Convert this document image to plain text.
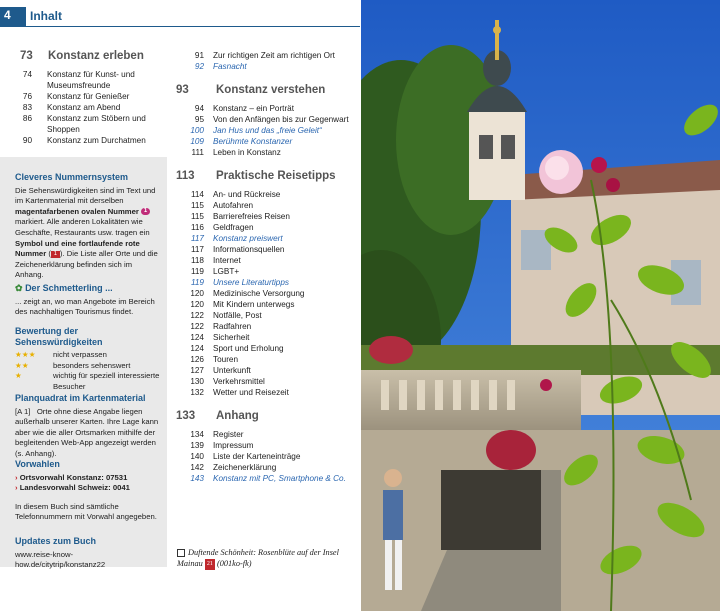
4 Inhalt
73	Konstanz erleben
74	Konstanz für Kunst- und Museumsfreunde
76	Konstanz für Genießer
83	Konstanz am Abend
86	Konstanz zum Stöbern und Shoppen
90	Konstanz zum Durchatmen
Cleveres Nummernsystem
Die Sehenswürdigkeiten sind im Text und im Kartenmaterial mit derselben magentafarbenen ovalen Nummer 1 markiert. Alle anderen Lokalitäten wie Geschäfte, Restaurants usw. tragen ein Symbol und eine fortlaufende rote Nummer ( 1 ). Die Liste aller Orte und die Zeichenerklärung befinden sich im Anhang.
✿ Der Schmetterling ...
... zeigt an, wo man Angebote im Bereich des nachhaltigen Tourismus findet.
Bewertung der Sehenswürdigkeiten
★★★	nicht verpassen
★★	besonders sehenswert
★	wichtig für speziell interessierte Besucher
Planquadrat im Kartenmaterial
[A 1] Orte ohne diese Angabe liegen außerhalb unserer Karten. Ihre Lage kann aber wie die aller Ortsmarken mithilfe der begleitenden Web-App angezeigt werden (s. Anhang).
Vorwahlen
› Ortsvorwahl Konstanz: 07531
› Landesvorwahl Schweiz: 0041
In diesem Buch sind sämtliche Telefonnummern mit Vorwahl angegeben.
Updates zum Buch
www.reise-know-how.de/citytrip/konstanz22
91	Zur richtigen Zeit am richtigen Ort
92	Fasnacht
93	Konstanz verstehen
94	Konstanz – ein Porträt
95	Von den Anfängen bis zur Gegenwart
100	Jan Hus und das „freie Geleit“
109	Berühmte Konstanzer
111	Leben in Konstanz
113	Praktische Reisetipps
114	An- und Rückreise
115	Autofahren
115	Barrierefreies Reisen
116	Geldfragen
117	Konstanz preiswert
117	Informationsquellen
118	Internet
119	LGBT+
119	Unsere Literaturtipps
120	Medizinische Versorgung
120	Mit Kindern unterwegs
122	Notfälle, Post
122	Radfahren
124	Sicherheit
124	Sport und Erholung
126	Touren
127	Unterkunft
130	Verkehrsmittel
132	Wetter und Reisezeit
133	Anhang
134	Register
139	Impressum
140	Liste der Karteneinträge
142	Zeichenerklärung
143	Konstanz mit PC, Smartphone & Co.
Duftende Schönheit: Rosenblüte auf der Insel Mainau 21 (001ko-fk)
